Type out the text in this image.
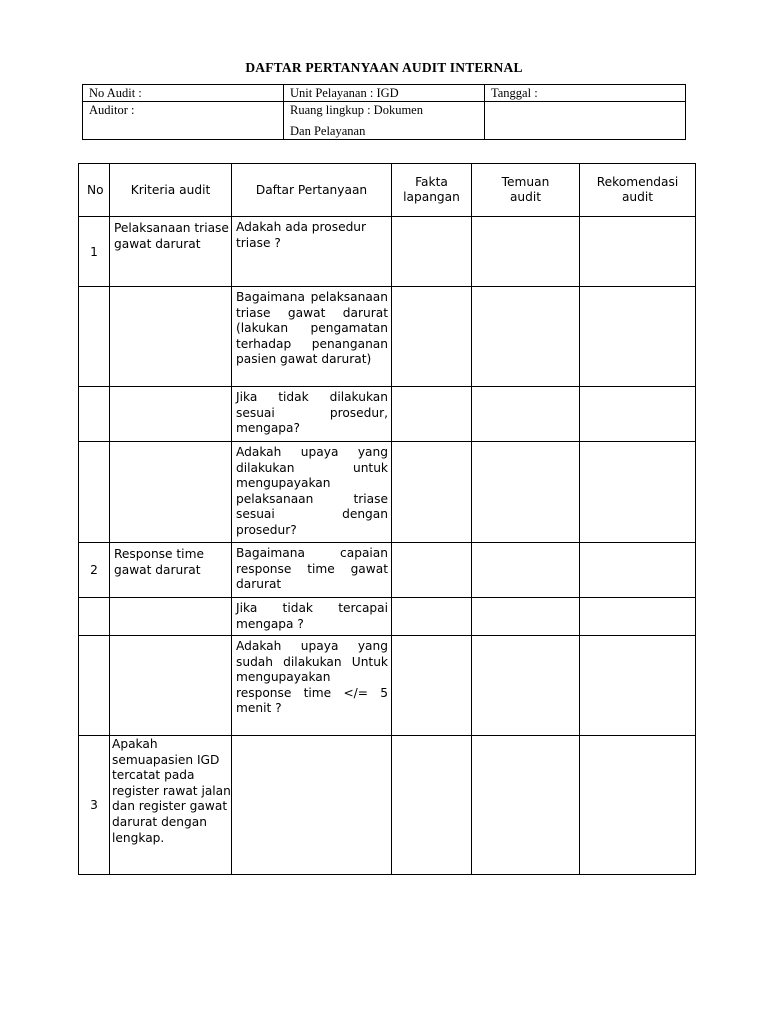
DAFTAR PERTANYAAN AUDIT INTERNAL
No Audit :	Unit Pelayanan : IGD	Tanggal :
Auditor :	Ruang lingkup : Dokumen
Dan Pelayanan	

No	Kriteria audit	Daftar Pertanyaan	Fakta lapangan	Temuan audit	Rekomendasi audit
1	Pelaksanaan triase gawat darurat	Adakah ada prosedur triase ?			
		Bagaimana pelaksanaan triase gawat darurat (lakukan pengamatan terhadap penanganan pasien gawat darurat)			
		Jika tidak dilakukan sesuai prosedur, mengapa?			
		Adakah upaya yang dilakukan untuk mengupayakan pelaksanaan triase sesuai dengan prosedur?			
2	Response time gawat darurat	Bagaimana capaian response time gawat darurat			
		Jika tidak tercapai mengapa ?			
		Adakah upaya yang sudah dilakukan Untuk mengupayakan response time </= 5 menit ?			
3	Apakah semuapasien IGD tercatat pada register rawat jalan dan register gawat darurat dengan lengkap.				
